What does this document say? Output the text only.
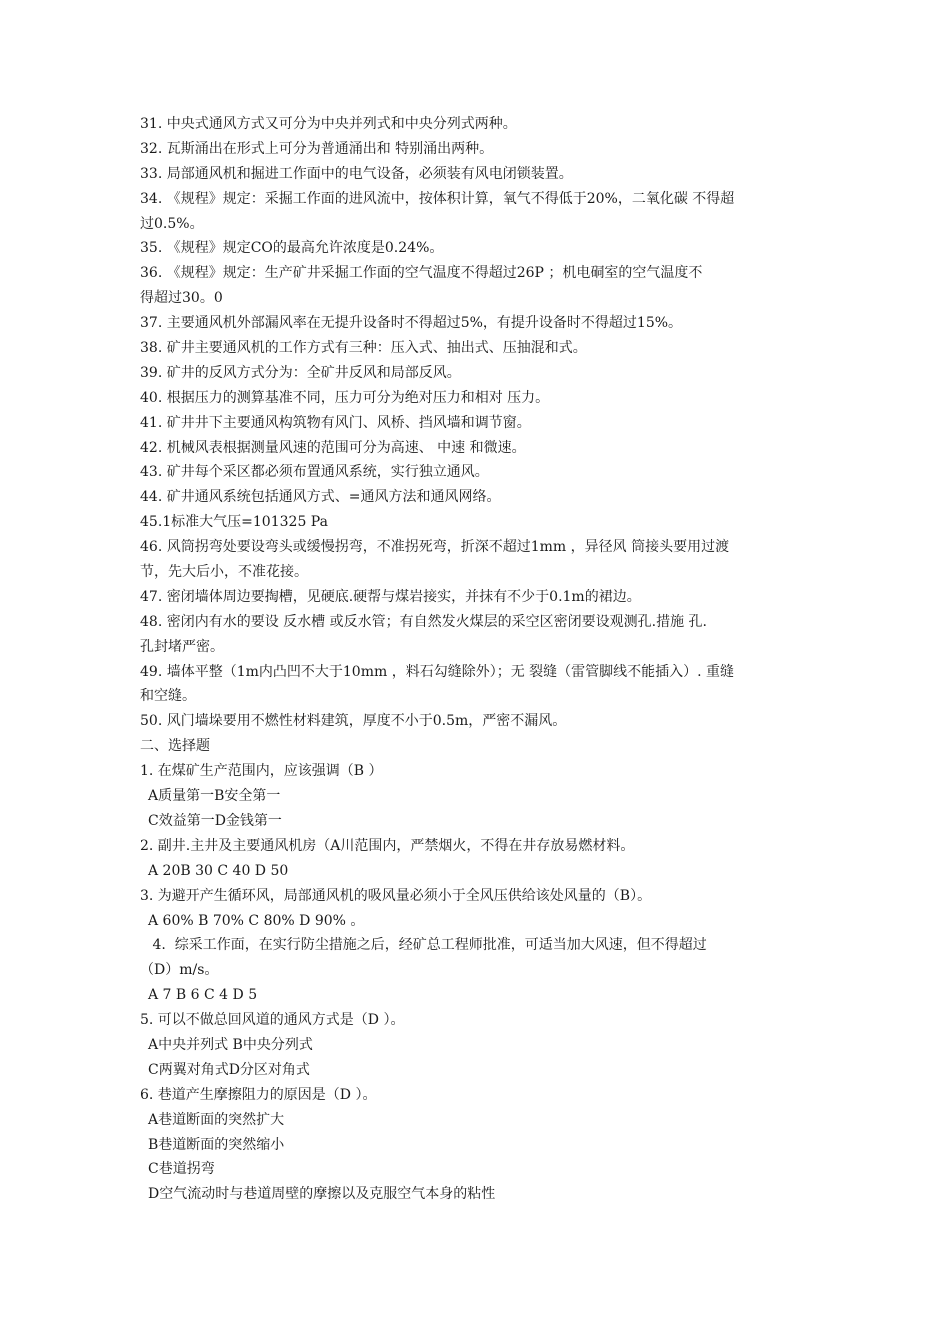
31. 中央式通风方式又可分为中央并列式和中央分列式两种。
32. 瓦斯涌出在形式上可分为普通涌出和 特别涌出两种。
33. 局部通风机和掘进工作面中的电气设备，必须装有风电闭锁装置。
34. 《规程》规定：采掘工作面的进风流中，按体积计算，氧气不得低于20%，二氧化碳 不得超
过0.5%。
35. 《规程》规定CO的最高允许浓度是0.24%。
36. 《规程》规定：生产矿井采掘工作面的空气温度不得超过26P ；机电硐室的空气温度不
得超过30。0
37. 主要通风机外部漏风率在无提升设备时不得超过5%，有提升设备时不得超过15%。
38. 矿井主要通风机的工作方式有三种：压入式、抽出式、压抽混和式。
39. 矿井的反风方式分为：全矿井反风和局部反风。
40. 根据压力的测算基准不同，压力可分为绝对压力和相对 压力。
41. 矿井井下主要通风构筑物有风门、风桥、挡风墙和调节窗。
42. 机械风表根据测量风速的范围可分为高速、 中速 和微速。
43. 矿井每个采区都必须布置通风系统，实行独立通风。
44. 矿井通风系统包括通风方式、=通风方法和通风网络。
45.1标准大气压=101325 Pa
46. 风筒拐弯处要设弯头或缓慢拐弯，不准拐死弯，折深不超过1mm ，异径风 筒接头要用过渡
节，先大后小，不准花接。
47. 密闭墙体周边要掏槽，见硬底.硬帮与煤岩接实，并抹有不少于0.1m的裙边。
48. 密闭内有水的要设 反水槽 或反水管；有自然发火煤层的采空区密闭要设观测孔.措施 孔.
孔封堵严密。
49. 墙体平整（1m内凸凹不大于10mm ，料石勾缝除外）；无 裂缝（雷管脚线不能插入）. 重缝
和空缝。
50. 风门墙垛要用不燃性材料建筑，厚度不小于0.5m，严密不漏风。
二、选择题
1. 在煤矿生产范围内，应该强调（B ）
A质量第一B安全第一
C效益第一D金钱第一
2. 副井.主井及主要通风机房（A川范围内，严禁烟火，不得在井存放易燃材料。
A 20B 30 C 40 D 50
3. 为避开产生循环风，局部通风机的吸风量必须小于全风压供给该处风量的（B）。
A 60% B 70% C 80% D 90% 。
4.  综采工作面，在实行防尘措施之后，经矿总工程师批准，可适当加大风速，但不得超过
（D）m/s。
A 7 B 6 C 4 D 5
5. 可以不做总回风道的通风方式是（D ）。
A中央并列式 B中央分列式
C两翼对角式D分区对角式
6. 巷道产生摩擦阻力的原因是（D ）。
A巷道断面的突然扩大
B巷道断面的突然缩小
C巷道拐弯
D空气流动时与巷道周壁的摩擦以及克服空气本身的粘性
